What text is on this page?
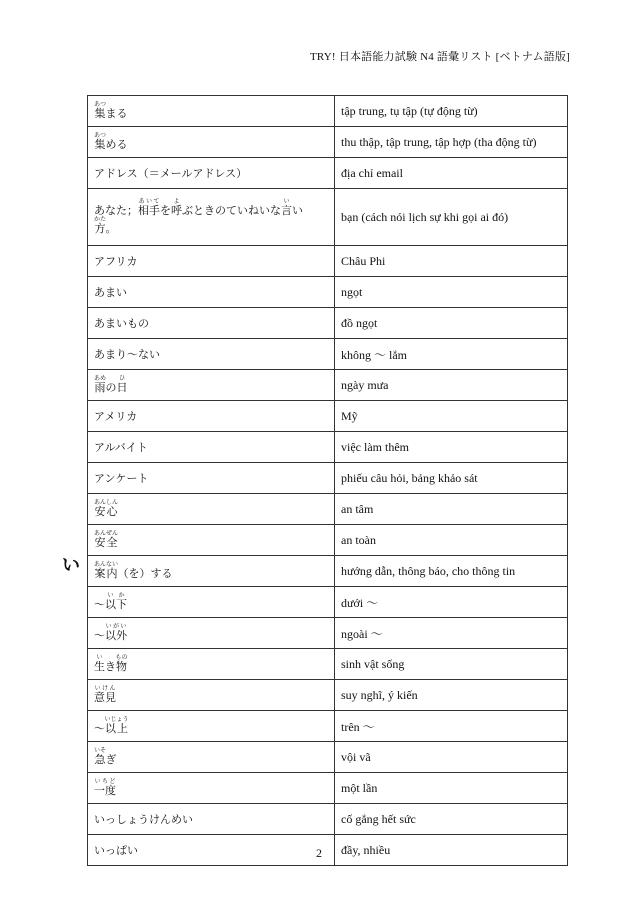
TRY! 日本語能力試験 N4 語彙リスト [ベトナム語版]
い
集あつまる	tập trung, tụ tập (tự động từ)
集あつめる	thu thập, tập trung, tập hợp (tha động từ)
アドレス（＝メールアドレス）	địa chỉ email
あなた；相手あいてを呼よぶときのていねいな言いい
方かた。	bạn (cách nói lịch sự khi gọi ai đó)
アフリカ	Châu Phi
あまい	ngọt
あまいもの	đồ ngọt
あまり〜ない	không ～ lắm
雨あめの日ひ	ngày mưa
アメリカ	Mỹ
アルバイト	việc làm thêm
アンケート	phiếu câu hỏi, bảng khảo sát
安心あんしん	an tâm
安全あんぜん	an toàn
案内あんない（を）する	hướng dẫn, thông báo, cho thông tin
〜以下いか	dưới ～
〜以外いがい	ngoài ～
生いき物もの	sinh vật sống
意見いけん	suy nghĩ, ý kiến
〜以上いじょう	trên ～
急いそぎ	vội vã
一度いちど	một lần
いっしょうけんめい	cố gắng hết sức
いっぱい	đầy, nhiều
2
